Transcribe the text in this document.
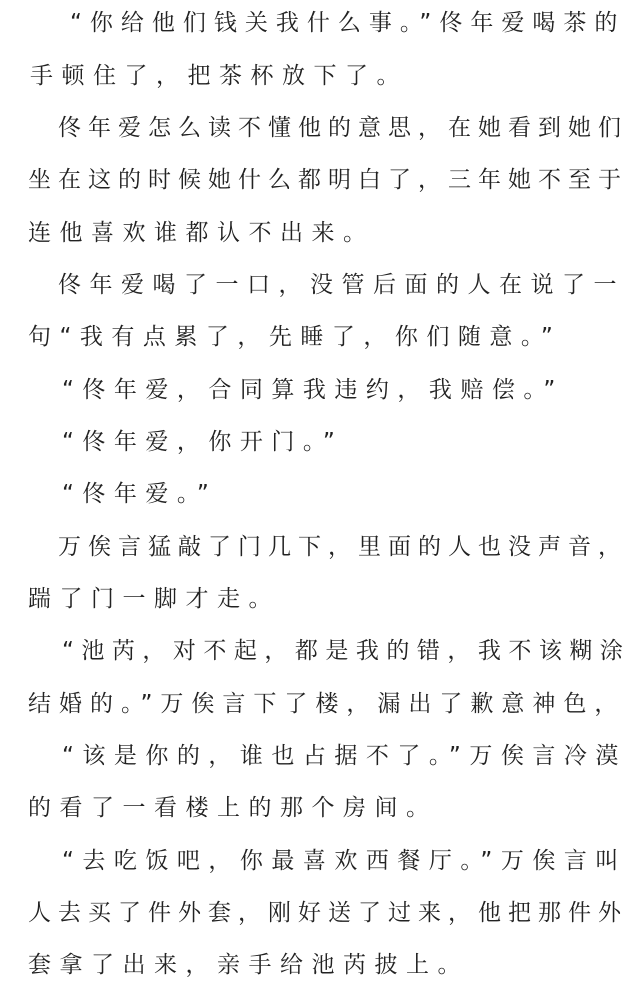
“你给他们钱关我什么事。”佟年爱喝茶的
手顿住了，把茶杯放下了。
佟年爱怎么读不懂他的意思，在她看到她们
坐在这的时候她什么都明白了，三年她不至于
连他喜欢谁都认不出来。
佟年爱喝了一口，没管后面的人在说了一
句“我有点累了，先睡了，你们随意。”
“佟年爱，合同算我违约，我赔偿。”
“佟年爱，你开门。”
“佟年爱。”
万俟言猛敲了门几下，里面的人也没声音，
踹了门一脚才走。
“池芮，对不起，都是我的错，我不该糊涂
结婚的。”万俟言下了楼，漏出了歉意神色，
“该是你的，谁也占据不了。”万俟言冷漠
的看了一看楼上的那个房间。
“去吃饭吧，你最喜欢西餐厅。”万俟言叫
人去买了件外套，刚好送了过来，他把那件外
套拿了出来，亲手给池芮披上。
